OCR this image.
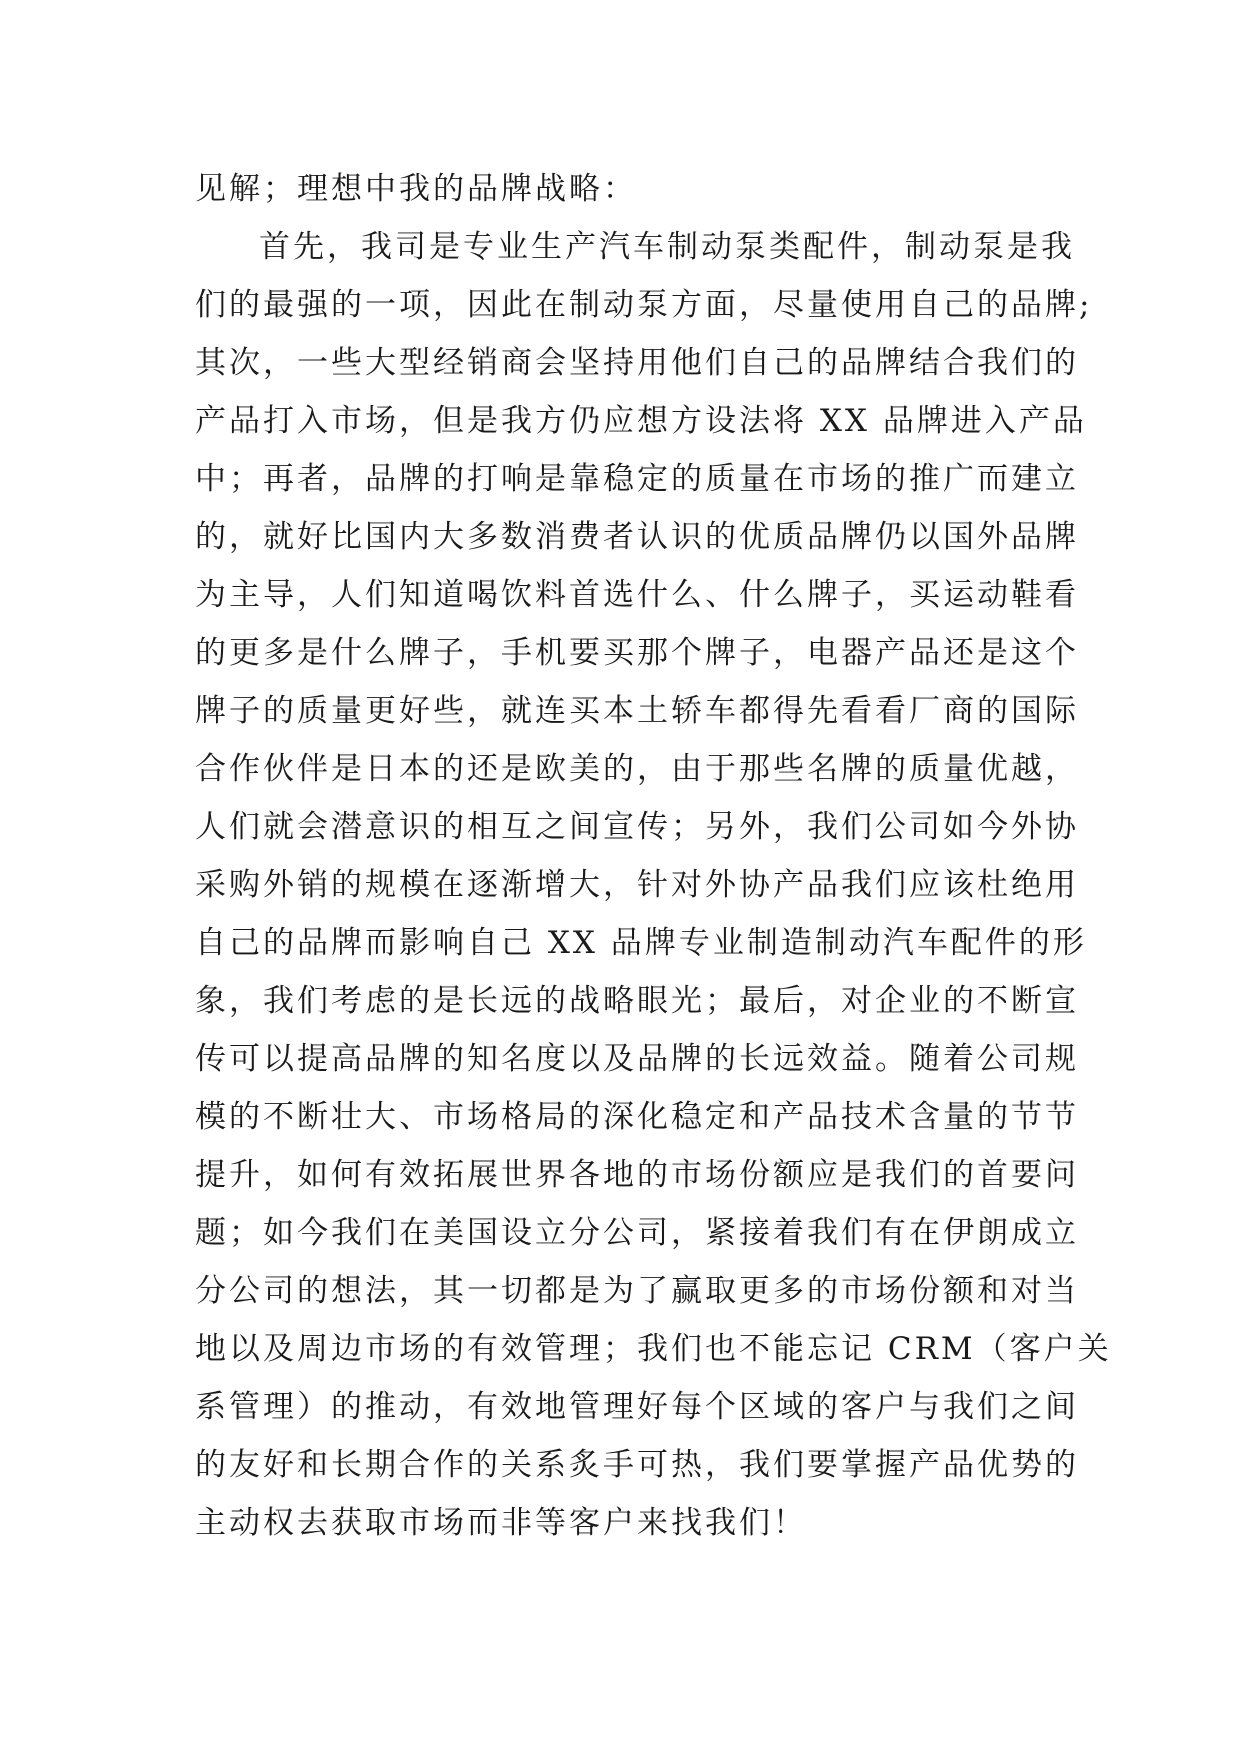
见解；理想中我的品牌战略：
首先，我司是专业生产汽车制动泵类配件，制动泵是我
们的最强的一项，因此在制动泵方面，尽量使用自己的品牌;
其次，一些大型经销商会坚持用他们自己的品牌结合我们的
产品打入市场，但是我方仍应想方设法将 XX 品牌进入产品
中；再者，品牌的打响是靠稳定的质量在市场的推广而建立
的，就好比国内大多数消费者认识的优质品牌仍以国外品牌
为主导，人们知道喝饮料首选什么、什么牌子，买运动鞋看
的更多是什么牌子，手机要买那个牌子，电器产品还是这个
牌子的质量更好些，就连买本土轿车都得先看看厂商的国际
合作伙伴是日本的还是欧美的，由于那些名牌的质量优越，
人们就会潜意识的相互之间宣传；另外，我们公司如今外协
采购外销的规模在逐渐增大，针对外协产品我们应该杜绝用
自己的品牌而影响自己 XX 品牌专业制造制动汽车配件的形
象，我们考虑的是长远的战略眼光；最后，对企业的不断宣
传可以提高品牌的知名度以及品牌的长远效益。随着公司规
模的不断壮大、市场格局的深化稳定和产品技术含量的节节
提升，如何有效拓展世界各地的市场份额应是我们的首要问
题；如今我们在美国设立分公司，紧接着我们有在伊朗成立
分公司的想法，其一切都是为了赢取更多的市场份额和对当
地以及周边市场的有效管理；我们也不能忘记 CRM（客户关
系管理）的推动，有效地管理好每个区域的客户与我们之间
的友好和长期合作的关系炙手可热，我们要掌握产品优势的
主动权去获取市场而非等客户来找我们！
